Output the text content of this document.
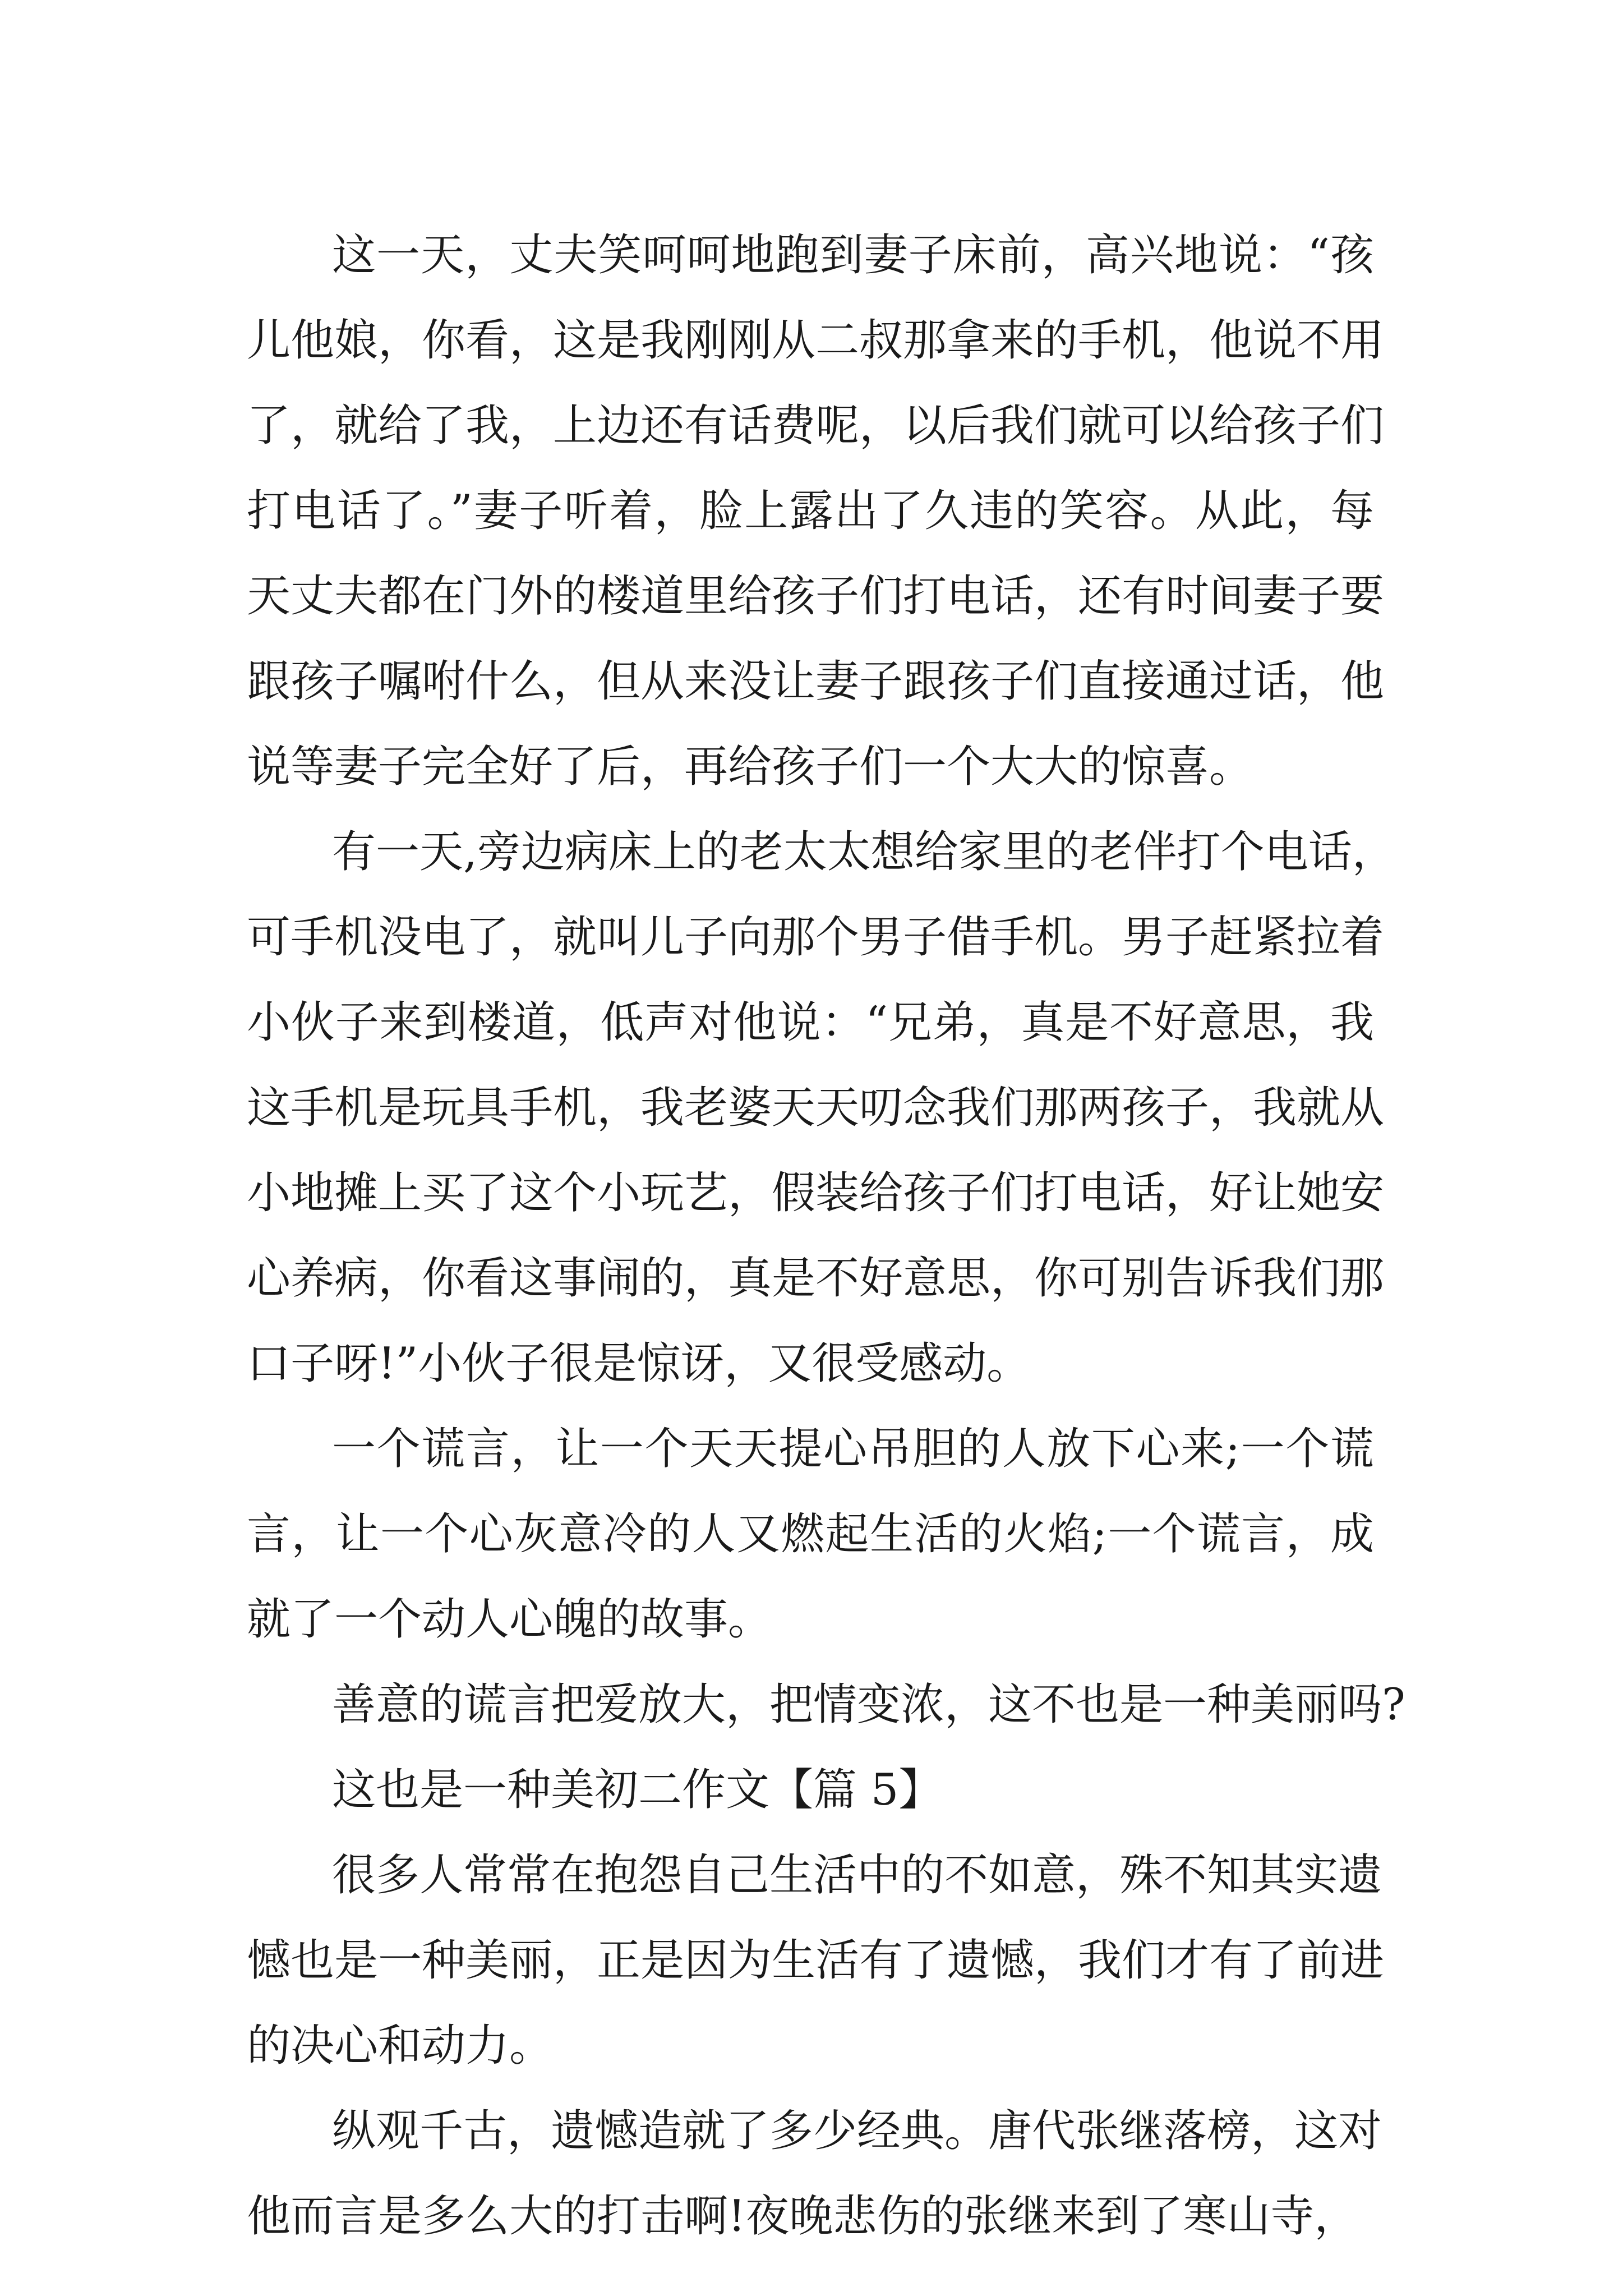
这一天，丈夫笑呵呵地跑到妻子床前，高兴地说：“孩
儿他娘，你看，这是我刚刚从二叔那拿来的手机，他说不用
了，就给了我，上边还有话费呢，以后我们就可以给孩子们
打电话了。”妻子听着，脸上露出了久违的笑容。从此，每
天丈夫都在门外的楼道里给孩子们打电话，还有时间妻子要
跟孩子嘱咐什么，但从来没让妻子跟孩子们直接通过话，他
说等妻子完全好了后，再给孩子们一个大大的惊喜。
有一天,旁边病床上的老太太想给家里的老伴打个电话，
可手机没电了，就叫儿子向那个男子借手机。男子赶紧拉着
小伙子来到楼道，低声对他说：“兄弟，真是不好意思，我
这手机是玩具手机，我老婆天天叨念我们那两孩子，我就从
小地摊上买了这个小玩艺，假装给孩子们打电话，好让她安
心养病，你看这事闹的，真是不好意思，你可别告诉我们那
口子呀!”小伙子很是惊讶，又很受感动。
一个谎言，让一个天天提心吊胆的人放下心来;一个谎
言，让一个心灰意冷的人又燃起生活的火焰;一个谎言，成
就了一个动人心魄的故事。
善意的谎言把爱放大，把情变浓，这不也是一种美丽吗?
这也是一种美初二作文【篇 5】
很多人常常在抱怨自己生活中的不如意，殊不知其实遗
憾也是一种美丽，正是因为生活有了遗憾，我们才有了前进
的决心和动力。
纵观千古，遗憾造就了多少经典。唐代张继落榜，这对
他而言是多么大的打击啊!夜晚悲伤的张继来到了寒山寺，
